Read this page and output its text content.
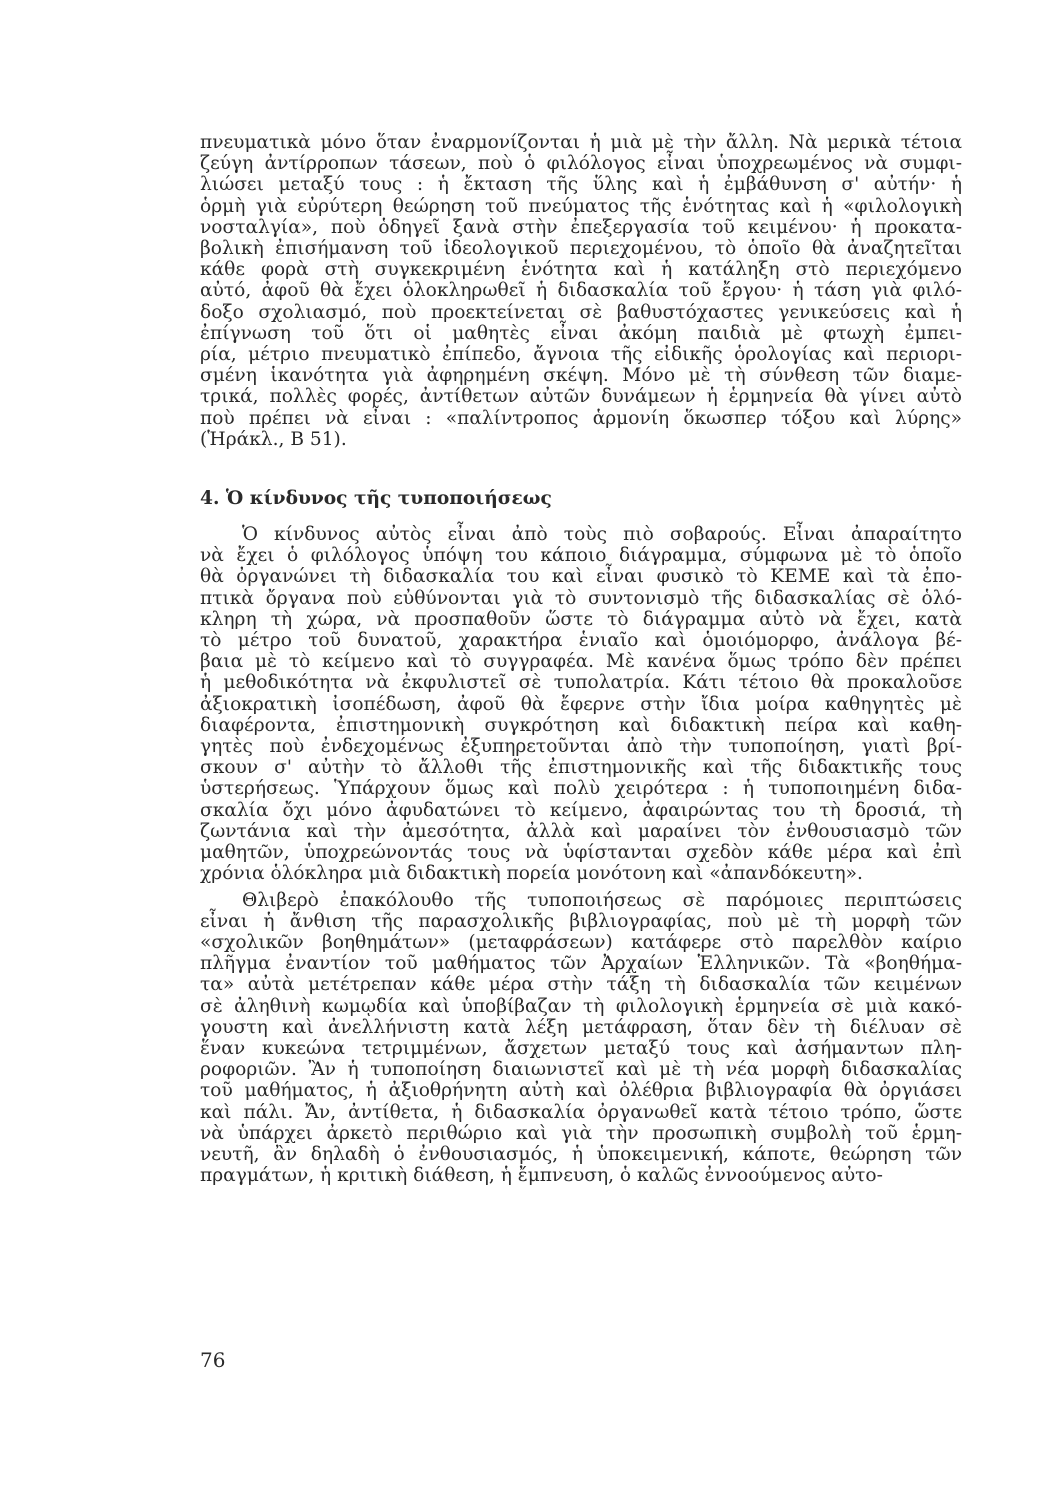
πνευματικὰ μόνο ὅταν ἐναρμονίζονται ἡ μιὰ μὲ τὴν ἄλλη. Νὰ μερικὰ τέτοια
ζεύγη ἀντίρροπων τάσεων, ποὺ ὁ φιλόλογος εἶναι ὑποχρεωμένος νὰ συμφι-
λιώσει μεταξύ τους : ἡ ἔκταση τῆς ὕλης καὶ ἡ ἐμβάθυνση σ' αὐτήν· ἡ
ὁρμὴ γιὰ εὐρύτερη θεώρηση τοῦ πνεύματος τῆς ἑνότητας καὶ ἡ «φιλολογικὴ
νοσταλγία», ποὺ ὁδηγεῖ ξανὰ στὴν ἐπεξεργασία τοῦ κειμένου· ἡ προκατα-
βολικὴ ἐπισήμανση τοῦ ἰδεολογικοῦ περιεχομένου, τὸ ὁποῖο θὰ ἀναζητεῖται
κάθε φορὰ στὴ συγκεκριμένη ἑνότητα καὶ ἡ κατάληξη στὸ περιεχόμενο
αὐτό, ἀφοῦ θὰ ἔχει ὁλοκληρωθεῖ ἡ διδασκαλία τοῦ ἔργου· ἡ τάση γιὰ φιλό-
δοξο σχολιασμό, ποὺ προεκτείνεται σὲ βαθυστόχαστες γενικεύσεις καὶ ἡ
ἐπίγνωση τοῦ ὅτι οἱ μαθητὲς εἶναι ἀκόμη παιδιὰ μὲ φτωχὴ ἐμπει-
ρία, μέτριο πνευματικὸ ἐπίπεδο, ἄγνοια τῆς εἰδικῆς ὁρολογίας καὶ περιορι-
σμένη ἱκανότητα γιὰ ἀφηρημένη σκέψη. Μόνο μὲ τὴ σύνθεση τῶν διαμε-
τρικά, πολλὲς φορές, ἀντίθετων αὐτῶν δυνάμεων ἡ ἑρμηνεία θὰ γίνει αὐτὸ
ποὺ πρέπει νὰ εἶναι : «παλίντροπος ἁρμονίη ὅκωσπερ τόξου καὶ λύρης»
(Ἡράκλ., Β 51).
4. Ὁ κίνδυνος τῆς τυποποιήσεως
Ὁ κίνδυνος αὐτὸς εἶναι ἀπὸ τοὺς πιὸ σοβαρούς. Εἶναι ἀπαραίτητο
νὰ ἔχει ὁ φιλόλογος ὑπόψη του κάποιο διάγραμμα, σύμφωνα μὲ τὸ ὁποῖο
θὰ ὀργανώνει τὴ διδασκαλία του καὶ εἶναι φυσικὸ τὸ ΚΕΜΕ καὶ τὰ ἐπο-
πτικὰ ὄργανα ποὺ εὐθύνονται γιὰ τὸ συντονισμὸ τῆς διδασκαλίας σὲ ὁλό-
κληρη τὴ χώρα, νὰ προσπαθοῦν ὥστε τὸ διάγραμμα αὐτὸ νὰ ἔχει, κατὰ
τὸ μέτρο τοῦ δυνατοῦ, χαρακτήρα ἑνιαῖο καὶ ὁμοιόμορφο, ἀνάλογα βέ-
βαια μὲ τὸ κείμενο καὶ τὸ συγγραφέα. Μὲ κανένα ὅμως τρόπο δὲν πρέπει
ἡ μεθοδικότητα νὰ ἐκφυλιστεῖ σὲ τυπολατρία. Κάτι τέτοιο θὰ προκαλοῦσε
ἀξιοκρατικὴ ἰσοπέδωση, ἀφοῦ θὰ ἔφερνε στὴν ἴδια μοίρα καθηγητὲς μὲ
διαφέροντα, ἐπιστημονικὴ συγκρότηση καὶ διδακτικὴ πείρα καὶ καθη-
γητὲς ποὺ ἐνδεχομένως ἐξυπηρετοῦνται ἀπὸ τὴν τυποποίηση, γιατὶ βρί-
σκουν σ' αὐτὴν τὸ ἄλλοθι τῆς ἐπιστημονικῆς καὶ τῆς διδακτικῆς τους
ὑστερήσεως. Ὑπάρχουν ὅμως καὶ πολὺ χειρότερα : ἡ τυποποιημένη διδα-
σκαλία ὄχι μόνο ἀφυδατώνει τὸ κείμενο, ἀφαιρώντας του τὴ δροσιά, τὴ
ζωντάνια καὶ τὴν ἀμεσότητα, ἀλλὰ καὶ μαραίνει τὸν ἐνθουσιασμὸ τῶν
μαθητῶν, ὑποχρεώνοντάς τους νὰ ὑφίστανται σχεδὸν κάθε μέρα καὶ ἐπὶ
χρόνια ὁλόκληρα μιὰ διδακτικὴ πορεία μονότονη καὶ «ἀπανδόκευτη».
Θλιβερὸ ἐπακόλουθο τῆς τυποποιήσεως σὲ παρόμοιες περιπτώσεις
εἶναι ἡ ἄνθιση τῆς παρασχολικῆς βιβλιογραφίας, ποὺ μὲ τὴ μορφὴ τῶν
«σχολικῶν βοηθημάτων» (μεταφράσεων) κατάφερε στὸ παρελθὸν καίριο
πλῆγμα ἐναντίον τοῦ μαθήματος τῶν Ἀρχαίων Ἑλληνικῶν. Τὰ «βοηθήμα-
τα» αὐτὰ μετέτρεπαν κάθε μέρα στὴν τάξη τὴ διδασκαλία τῶν κειμένων
σὲ ἀληθινὴ κωμῳδία καὶ ὑποβίβαζαν τὴ φιλολογικὴ ἑρμηνεία σὲ μιὰ κακό-
γουστη καὶ ἀνελλήνιστη κατὰ λέξη μετάφραση, ὅταν δὲν τὴ διέλυαν σὲ
ἕναν κυκεώνα τετριμμένων, ἄσχετων μεταξύ τους καὶ ἀσήμαντων πλη-
ροφοριῶν. Ἂν ἡ τυποποίηση διαιωνιστεῖ καὶ μὲ τὴ νέα μορφὴ διδασκαλίας
τοῦ μαθήματος, ἡ ἀξιοθρήνητη αὐτὴ καὶ ὀλέθρια βιβλιογραφία θὰ ὀργιάσει
καὶ πάλι. Ἄν, ἀντίθετα, ἡ διδασκαλία ὀργανωθεῖ κατὰ τέτοιο τρόπο, ὥστε
νὰ ὑπάρχει ἀρκετὸ περιθώριο καὶ γιὰ τὴν προσωπικὴ συμβολὴ τοῦ ἑρμη-
νευτῆ, ἂν δηλαδὴ ὁ ἐνθουσιασμός, ἡ ὑποκειμενική, κάποτε, θεώρηση τῶν
πραγμάτων, ἡ κριτικὴ διάθεση, ἡ ἔμπνευση, ὁ καλῶς ἐννοούμενος αὐτο-
76
